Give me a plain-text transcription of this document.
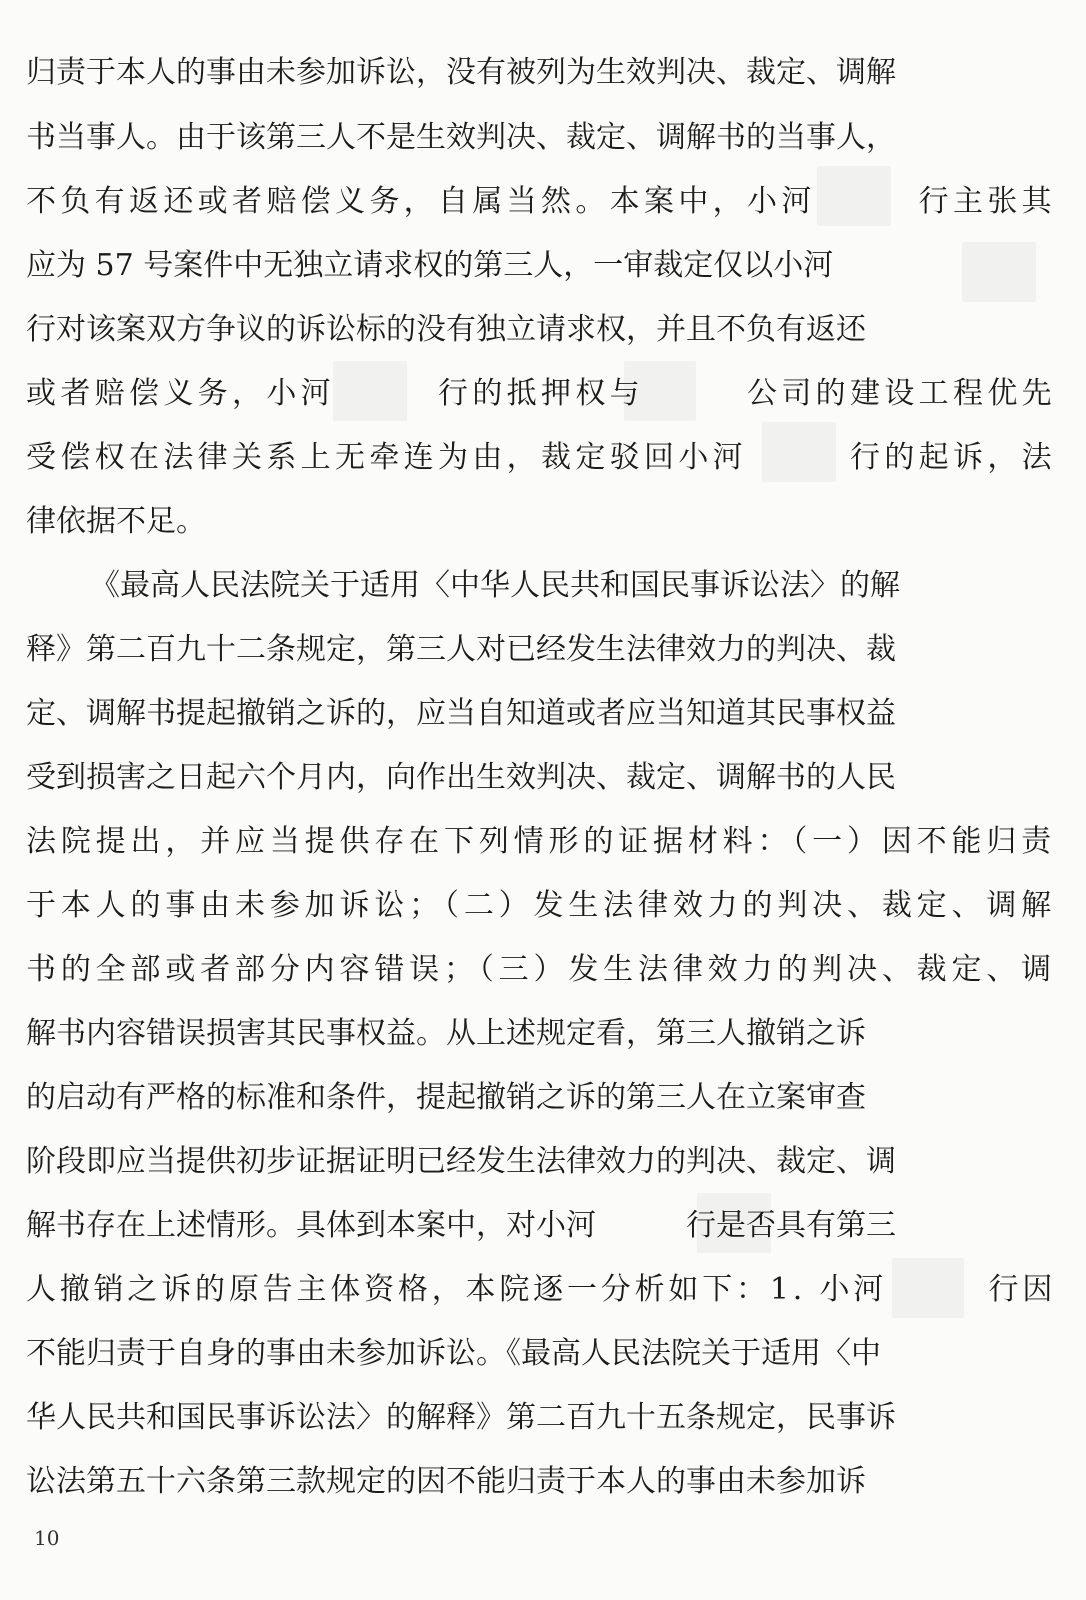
归责于本人的事由未参加诉讼，没有被列为生效判决、裁定、调解
书当事人。由于该第三人不是生效判决、裁定、调解书的当事人，
不负有返还或者赔偿义务，自属当然。本案中，小河　　　行主张其
应为 57 号案件中无独立请求权的第三人，一审裁定仅以小河
行对该案双方争议的诉讼标的没有独立请求权，并且不负有返还
或者赔偿义务，小河　　　行的抵押权与　　　公司的建设工程优先
受偿权在法律关系上无牵连为由，裁定驳回小河　　　行的起诉，法
律依据不足。
《最高人民法院关于适用〈中华人民共和国民事诉讼法〉的解
释》第二百九十二条规定，第三人对已经发生法律效力的判决、裁
定、调解书提起撤销之诉的，应当自知道或者应当知道其民事权益
受到损害之日起六个月内，向作出生效判决、裁定、调解书的人民
法院提出，并应当提供存在下列情形的证据材料：（一）因不能归责
于本人的事由未参加诉讼；（二）发生法律效力的判决、裁定、调解
书的全部或者部分内容错误；（三）发生法律效力的判决、裁定、调
解书内容错误损害其民事权益。从上述规定看，第三人撤销之诉
的启动有严格的标准和条件，提起撤销之诉的第三人在立案审查
阶段即应当提供初步证据证明已经发生法律效力的判决、裁定、调
解书存在上述情形。具体到本案中，对小河　　　行是否具有第三
人撤销之诉的原告主体资格，本院逐一分析如下：1. 小河　　　行因
不能归责于自身的事由未参加诉讼。《最高人民法院关于适用〈中
华人民共和国民事诉讼法〉的解释》第二百九十五条规定，民事诉
讼法第五十六条第三款规定的因不能归责于本人的事由未参加诉
10
